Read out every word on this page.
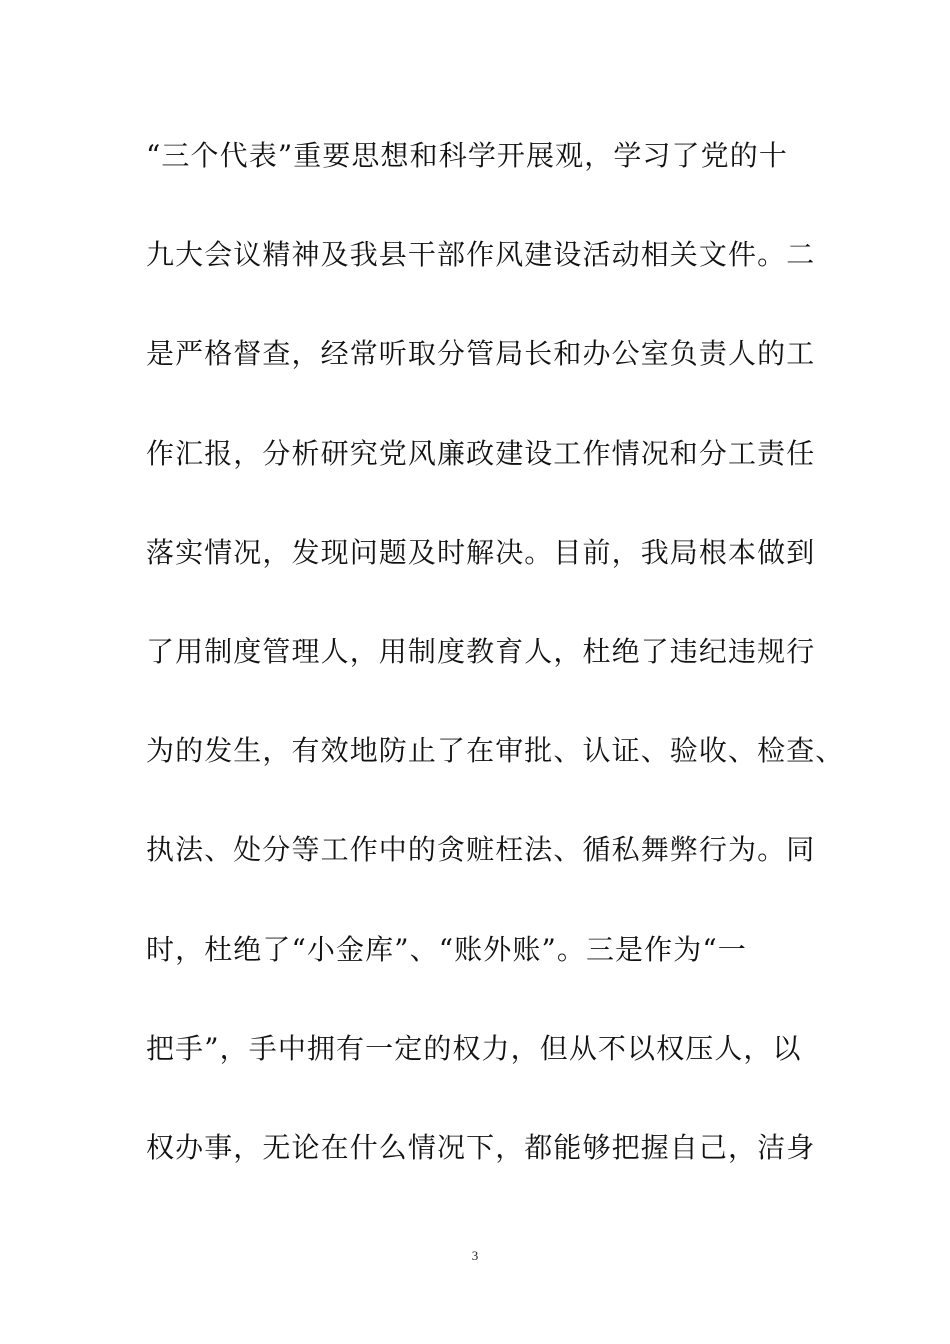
“三个代表”重要思想和科学开展观，学习了党的十
九大会议精神及我县干部作风建设活动相关文件。二
是严格督查，经常听取分管局长和办公室负责人的工
作汇报，分析研究党风廉政建设工作情况和分工责任
落实情况，发现问题及时解决。目前，我局根本做到
了用制度管理人，用制度教育人，杜绝了违纪违规行
为的发生，有效地防止了在审批、认证、验收、检查、
执法、处分等工作中的贪赃枉法、循私舞弊行为。同
时，杜绝了“小金库”、“账外账”。三是作为“一
把手”，手中拥有一定的权力，但从不以权压人，以
权办事，无论在什么情况下，都能够把握自己，洁身
3
